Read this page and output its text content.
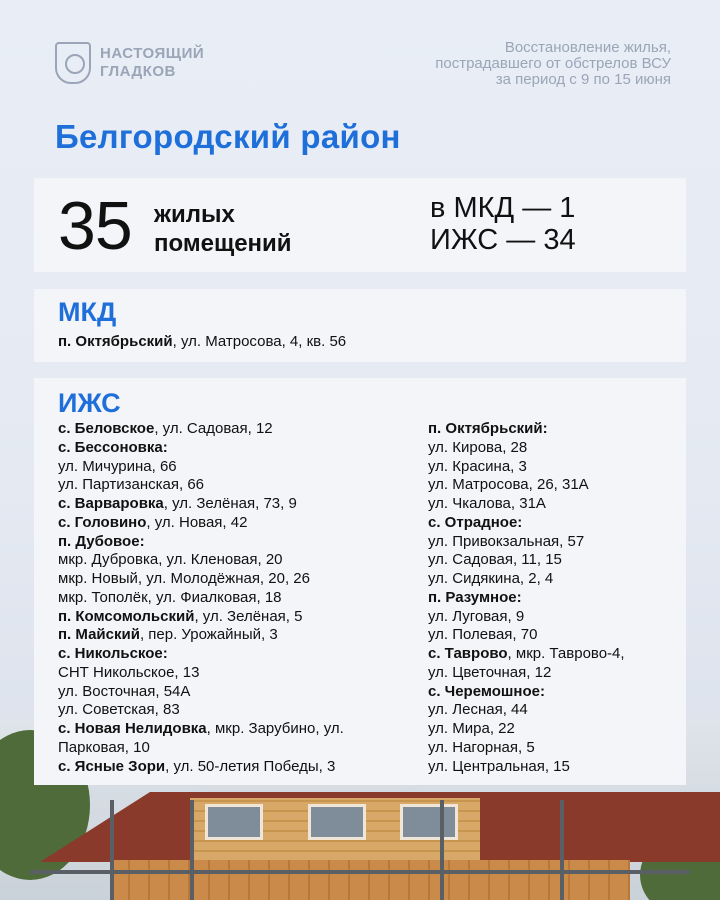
НАСТОЯЩИЙ
ГЛАДКОВ
Восстановление жилья,
пострадавшего от обстрелов ВСУ
за период с 9 по 15 июня
Белгородский район
35 жилых
помещений
в МКД — 1
ИЖС — 34
МКД
п. Октябрьский, ул. Матросова, 4, кв. 56
ИЖС
с. Беловское, ул. Садовая, 12
с. Бессоновка:
ул. Мичурина, 66
ул. Партизанская, 66
с. Варваровка, ул. Зелёная, 73, 9
с. Головино, ул. Новая, 42
п. Дубовое:
мкр. Дубровка, ул. Кленовая, 20
мкр. Новый, ул. Молодёжная, 20, 26
мкр. Тополёк, ул. Фиалковая, 18
п. Комсомольский, ул. Зелёная, 5
п. Майский, пер. Урожайный, 3
с. Никольское:
СНТ Никольское, 13
ул. Восточная, 54А
ул. Советская, 83
с. Новая Нелидовка, мкр. Зарубино, ул.
Парковая, 10
с. Ясные Зори, ул. 50-летия Победы, 3
п. Октябрьский:
ул. Кирова, 28
ул. Красина, 3
ул. Матросова, 26, 31А
ул. Чкалова, 31А
с. Отрадное:
ул. Привокзальная, 57
ул. Садовая, 11, 15
ул. Сидякина, 2, 4
п. Разумное:
ул. Луговая, 9
ул. Полевая, 70
с. Таврово, мкр. Таврово-4,
ул. Цветочная, 12
с. Черемошное:
ул. Лесная, 44
ул. Мира, 22
ул. Нагорная, 5
ул. Центральная, 15
